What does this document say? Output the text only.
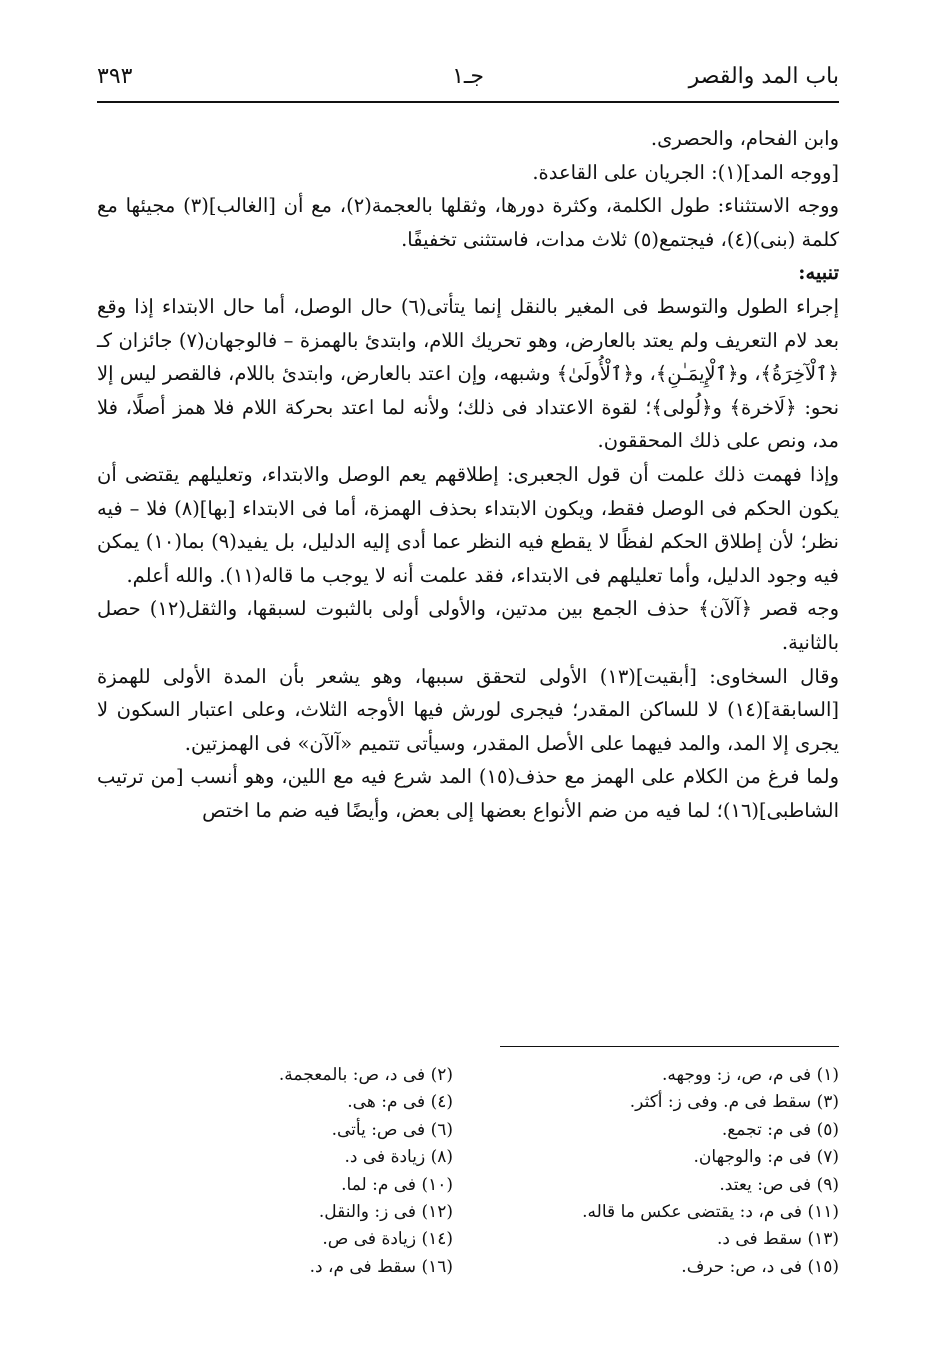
باب المد والقصر
جـ١
٣٩٣

وابن الفحام، والحصرى.

[ووجه المد](١): الجريان على القاعدة.

ووجه الاستثناء: طول الكلمة، وكثرة دورها، وثقلها بالعجمة(٢)، مع أن [الغالب](٣) مجيئها مع كلمة (بنى)(٤)، فيجتمع(٥) ثلاث مدات، فاستثنى تخفيفًا.

تنبيه:

إجراء الطول والتوسط فى المغير بالنقل إنما يتأتى(٦) حال الوصل، أما حال الابتداء إذا وقع بعد لام التعريف ولم يعتد بالعارض، وهو تحريك اللام، وابتدئ بالهمزة – فالوجهان(٧) جائزان كـ ﴿ٱلْآخِرَةُ﴾، و﴿ٱلْإِيمَـٰنِ﴾، و﴿ٱلْأُولَىٰ﴾ وشبهه، وإن اعتد بالعارض، وابتدئ باللام، فالقصر ليس إلا نحو: ﴿لَاخرة﴾ و﴿لُولى﴾؛ لقوة الاعتداد فى ذلك؛ ولأنه لما اعتد بحركة اللام فلا همز أصلًا، فلا مد، ونص على ذلك المحققون.

وإذا فهمت ذلك علمت أن قول الجعبرى: إطلاقهم يعم الوصل والابتداء، وتعليلهم يقتضى أن يكون الحكم فى الوصل فقط، ويكون الابتداء بحذف الهمزة، أما فى الابتداء [بها](٨) فلا – فيه نظر؛ لأن إطلاق الحكم لفظًا لا يقطع فيه النظر عما أدى إليه الدليل، بل يفيد(٩) بما(١٠) يمكن فيه وجود الدليل، وأما تعليلهم فى الابتداء، فقد علمت أنه لا يوجب ما قاله(١١). والله أعلم.

وجه قصر ﴿آلآن﴾ حذف الجمع بين مدتين، والأولى أولى بالثبوت لسبقها، والثقل(١٢) حصل بالثانية.

وقال السخاوى: [أبقيت](١٣) الأولى لتحقق سببها، وهو يشعر بأن المدة الأولى للهمزة [السابقة](١٤) لا للساكن المقدر؛ فيجرى لورش فيها الأوجه الثلاث، وعلى اعتبار السكون لا يجرى إلا المد، والمد فيهما على الأصل المقدر، وسيأتى تتميم «آلآن» فى الهمزتين.

ولما فرغ من الكلام على الهمز مع حذف(١٥) المد شرع فيه مع اللين، وهو أنسب [من ترتيب الشاطبى](١٦)؛ لما فيه من ضم الأنواع بعضها إلى بعض، وأيضًا فيه ضم ما اختص

(١) فى م، ص، ز: ووجهه.
(٢) فى د، ص: بالمعجمة.
(٣) سقط فى م. وفى ز: أكثر.
(٤) فى م: هى.
(٥) فى م: تجمع.
(٦) فى ص: يأتى.
(٧) فى م: والوجهان.
(٨) زيادة فى د.
(٩) فى ص: يعتد.
(١٠) فى م: لما.
(١١) فى م، د: يقتضى عكس ما قاله.
(١٢) فى ز: والنقل.
(١٣) سقط فى د.
(١٤) زيادة فى ص.
(١٥) فى د، ص: حرف.
(١٦) سقط فى م، د.
